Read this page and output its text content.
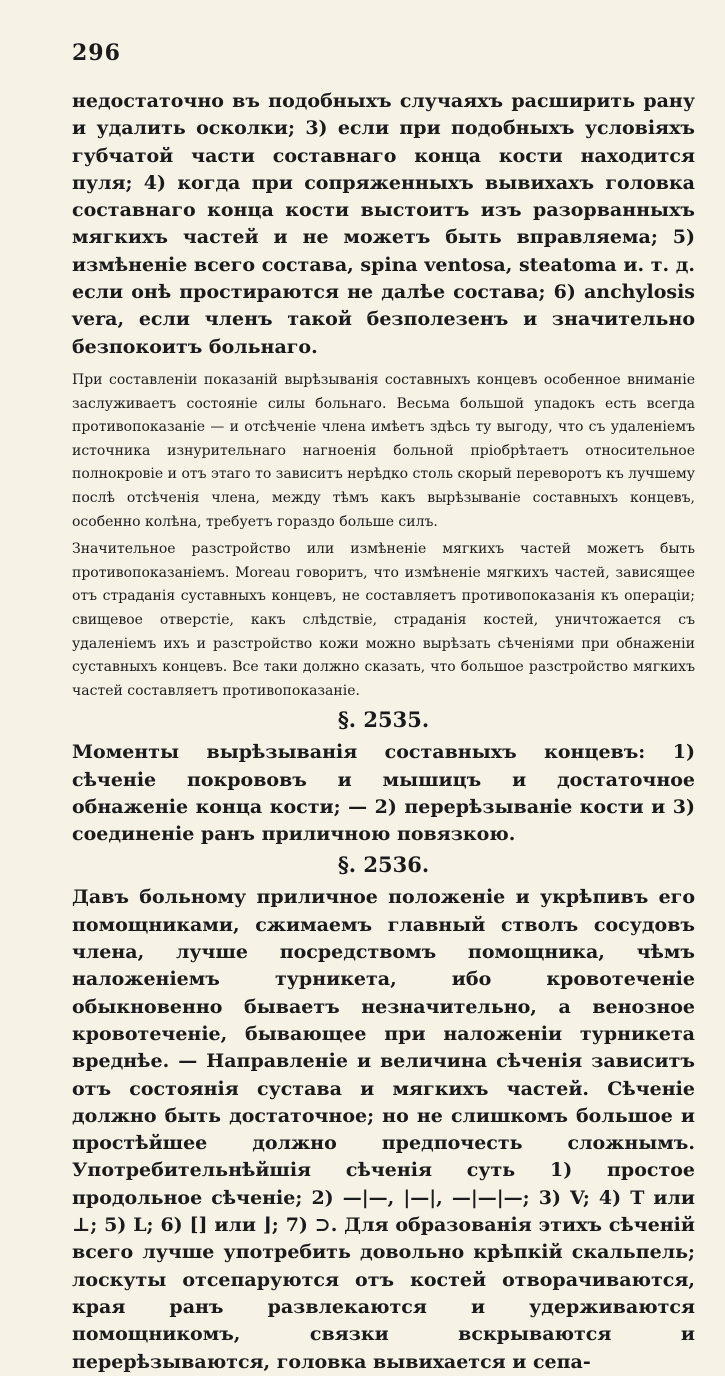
296

недостаточно въ подобныхъ случаяхъ расширить рану и удалить осколки; 3) если при подобныхъ условіяхъ губчатой части составнаго конца кости находится пуля; 4) когда при сопряженныхъ вывихахъ головка составнаго конца кости выстоитъ изъ разорванныхъ мягкихъ частей и не можетъ быть вправляема; 5) измѣненіе всего состава, spina ventosa, steatoma и. т. д. если онѣ простираются не далѣе состава; 6) anchylosis vera, если членъ такой безполезенъ и значительно безпокоитъ больнаго.

При составленіи показаній вырѣзыванія составныхъ концевъ особенное вниманіе заслуживаетъ состояніе силы больнаго. Весьма большой упадокъ есть всегда противопоказаніе — и отсѣченіе члена имѣетъ здѣсь ту выгоду, что съ удаленіемъ источника изнурительнаго нагноенія больной пріобрѣтаетъ относительное полнокровіе и отъ этаго то зависитъ нерѣдко столь скорый переворотъ къ лучшему послѣ отсѣченія члена, между тѣмъ какъ вырѣзываніе составныхъ концевъ, особенно колѣна, требуетъ гораздо больше силъ.

Значительное разстройство или измѣненіе мягкихъ частей можетъ быть противопоказаніемъ. Moreau говоритъ, что измѣненіе мягкихъ частей, зависящее отъ страданія суставныхъ концевъ, не составляетъ противопоказанія къ операціи; свищевое отверстіе, какъ слѣдствіе, страданія костей, уничтожается съ удаленіемъ ихъ и разстройство кожи можно вырѣзать сѣченіями при обнаженіи суставныхъ концевъ. Все таки должно сказать, что большое разстройство мягкихъ частей составляетъ противопоказаніе.

§. 2535.

Моменты вырѣзыванія составныхъ концевъ: 1) сѣченіе покрововъ и мышицъ и достаточное обнаженіе конца кости; — 2) перерѣзываніе кости и 3) соединеніе ранъ приличною повязкою.

§. 2536.

Давъ больному приличное положеніе и укрѣпивъ его помощниками, сжимаемъ главный стволъ сосудовъ члена, лучше посредствомъ помощника, чѣмъ наложеніемъ турникета, ибо кровотеченіе обыкновенно бываетъ незначительно, а венозное кровотеченіе, бывающее при наложеніи турникета вреднѣе. — Направленіе и величина сѣченія зависитъ отъ состоянія сустава и мягкихъ частей. Сѣченіе должно быть достаточное; но не слишкомъ большое и простѣйшее должно предпочесть сложнымъ. Употребительнѣйшія сѣченія суть 1) простое продольное сѣченіе; 2) —|—, |—|, —|—|—; 3) V; 4) T или ⊥; 5) L; 6) [] или ⌋; 7) ⊃. Для образованія этихъ сѣченій всего лучше употребить довольно крѣпкій скальпель; лоскуты отсепаруются отъ костей отворачиваются, края ранъ развлекаются и удерживаются помощникомъ, связки вскрываются и перерѣзываются, головка вывихается и сепа-
